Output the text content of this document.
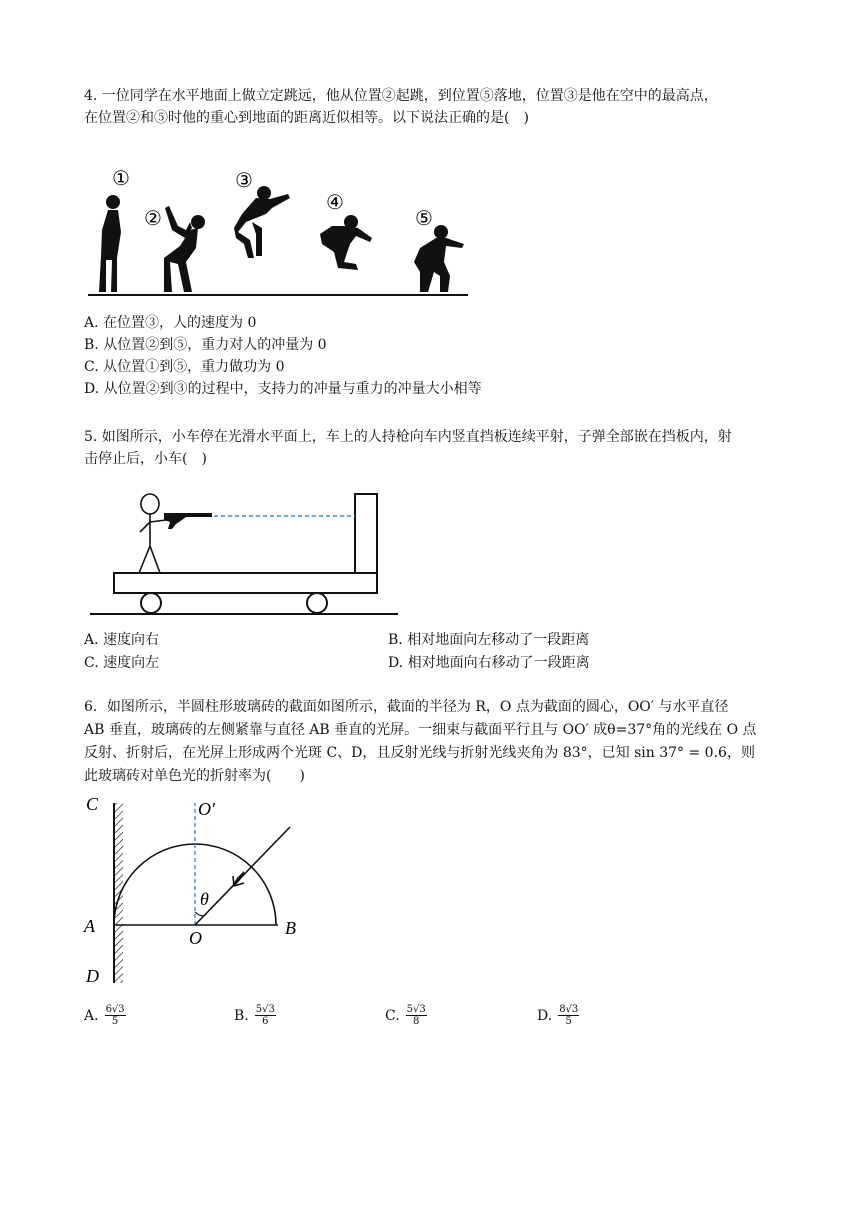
4. 一位同学在水平地面上做立定跳远，他从位置②起跳，到位置⑤落地，位置③是他在空中的最高点，
在位置②和⑤时他的重心到地面的距离近似相等。以下说法正确的是(　)
①
②
③
④
⑤
A. 在位置③，人的速度为 0
B. 从位置②到⑤，重力对人的冲量为 0
C. 从位置①到⑤，重力做功为 0
D. 从位置②到③的过程中，支持力的冲量与重力的冲量大小相等
5. 如图所示，小车停在光滑水平面上，车上的人持枪向车内竖直挡板连续平射，子弹全部嵌在挡板内，射
击停止后，小车(　)
A. 速度向右	B. 相对地面向左移动了一段距离
C. 速度向左	D. 相对地面向右移动了一段距离
6．如图所示，半圆柱形玻璃砖的截面如图所示，截面的半径为 R，O 点为截面的圆心，OO′ 与水平直径
AB 垂直，玻璃砖的左侧紧靠与直径 AB 垂直的光屏。一细束与截面平行且与 OO′ 成θ=37°角的光线在 O 点
反射、折射后，在光屏上形成两个光斑 C、D，且反射光线与折射光线夹角为 83°，已知 sin 37° = 0.6，则
此玻璃砖对单色光的折射率为(　　)
C	O′
A
θ
O	B
D
A. $\frac{6√3}{5}$	B. $\frac{5√3}{6}$	C. $\frac{5√3}{8}$	D. $\frac{8√3}{5}$
